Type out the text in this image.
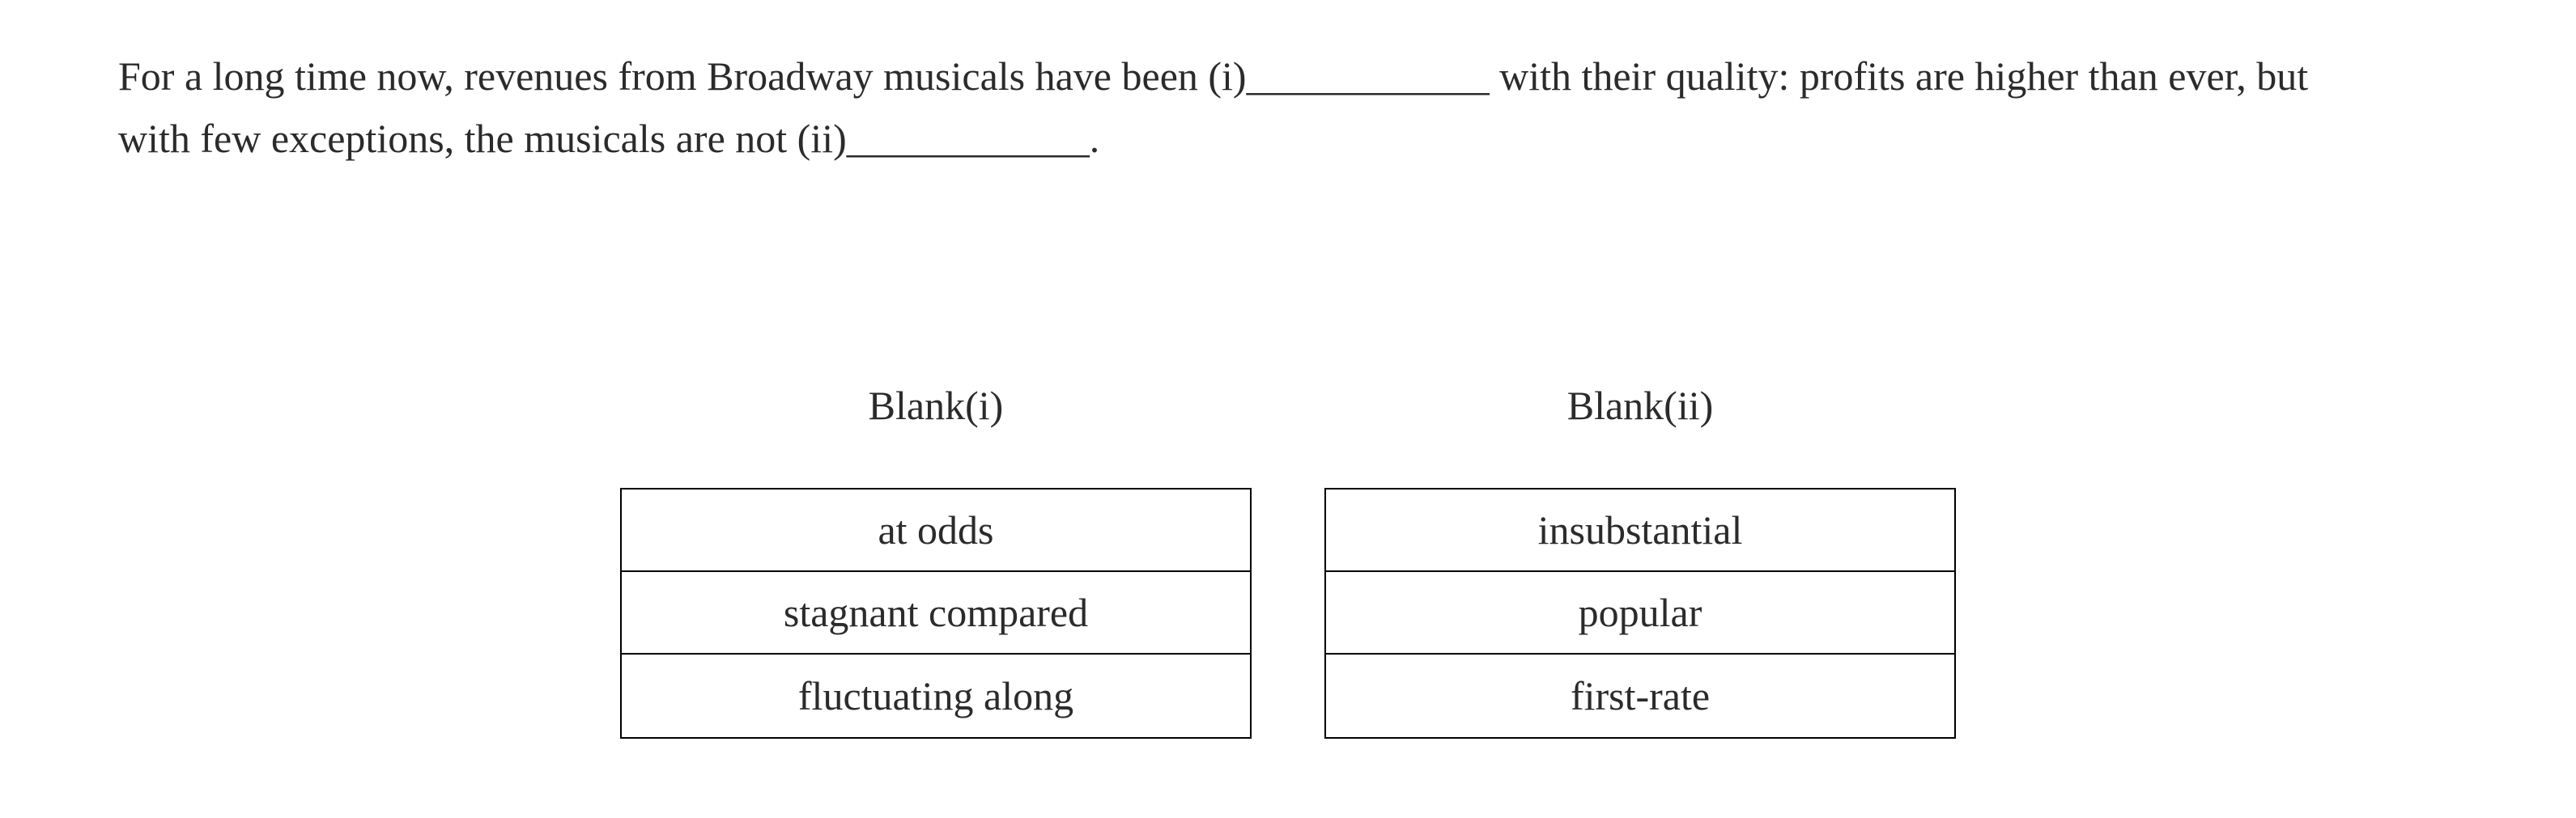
For a long time now, revenues from Broadway musicals have been (i)____________ with their quality: profits are higher than ever, but
with few exceptions, the musicals are not (ii)____________.
Blank(i)	Blank(ii)
at odds
stagnant compared
fluctuating along
insubstantial
popular
first-rate
